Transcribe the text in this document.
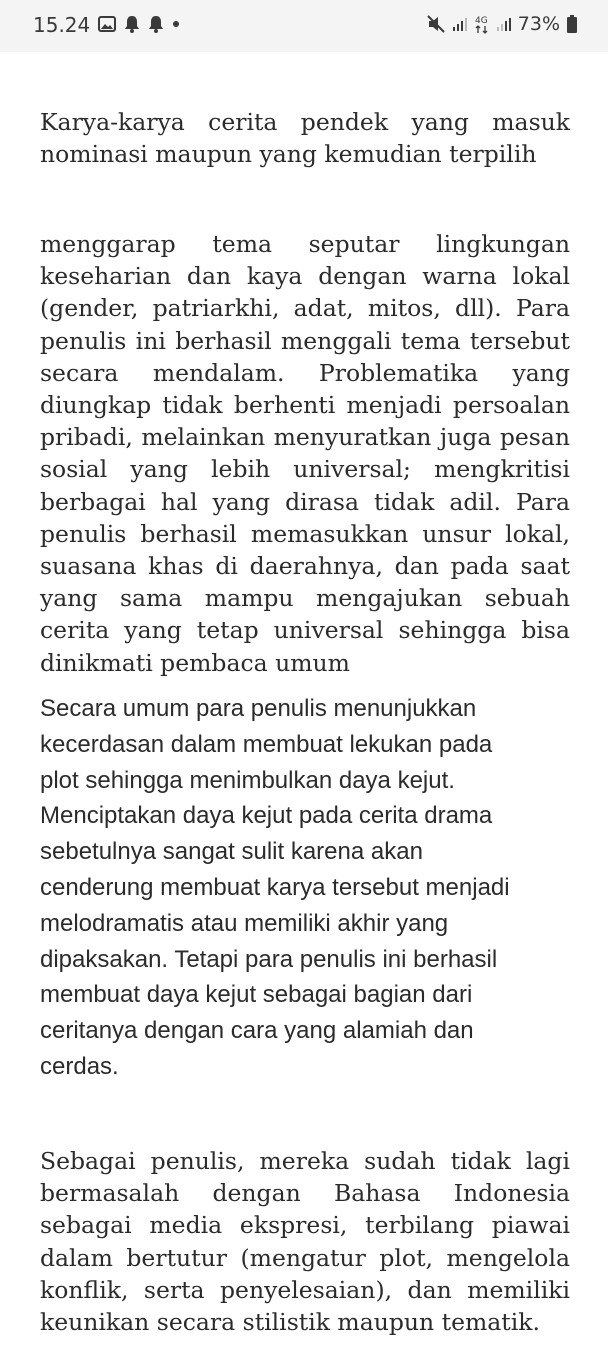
15.24	4G 73%
Karya-karya cerita pendek yang masuk
nominasi maupun yang kemudian terpilih
menggarap tema seputar lingkungan
keseharian dan kaya dengan warna lokal
(gender, patriarkhi, adat, mitos, dll). Para
penulis ini berhasil menggali tema tersebut
secara mendalam. Problematika yang
diungkap tidak berhenti menjadi persoalan
pribadi, melainkan menyuratkan juga pesan
sosial yang lebih universal; mengkritisi
berbagai hal yang dirasa tidak adil. Para
penulis berhasil memasukkan unsur lokal,
suasana khas di daerahnya, dan pada saat
yang sama mampu mengajukan sebuah
cerita yang tetap universal sehingga bisa
dinikmati pembaca umum
Secara umum para penulis menunjukkan
kecerdasan dalam membuat lekukan pada
plot sehingga menimbulkan daya kejut.
Menciptakan daya kejut pada cerita drama
sebetulnya sangat sulit karena akan
cenderung membuat karya tersebut menjadi
melodramatis atau memiliki akhir yang
dipaksakan. Tetapi para penulis ini berhasil
membuat daya kejut sebagai bagian dari
ceritanya dengan cara yang alamiah dan
cerdas.
Sebagai penulis, mereka sudah tidak lagi
bermasalah dengan Bahasa Indonesia
sebagai media ekspresi, terbilang piawai
dalam bertutur (mengatur plot, mengelola
konflik, serta penyelesaian), dan memiliki
keunikan secara stilistik maupun tematik.
